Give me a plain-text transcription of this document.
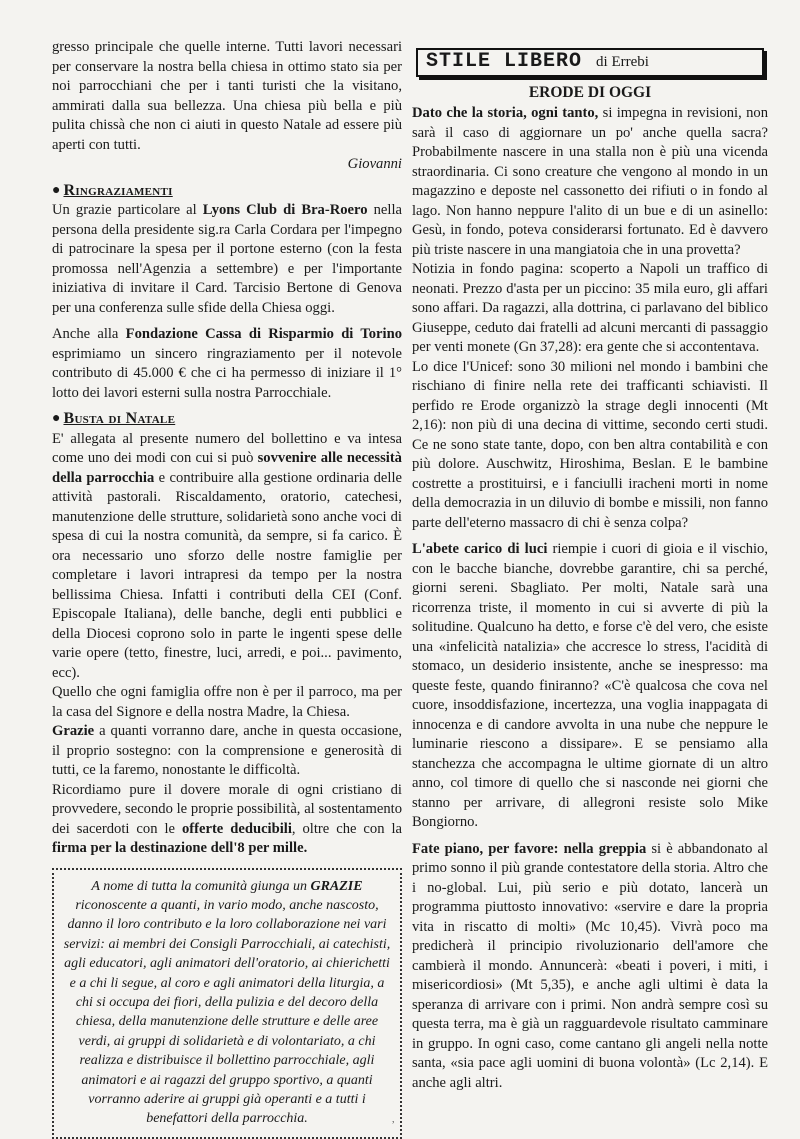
gresso principale che quelle interne. Tutti lavori necessari per conservare la nostra bella chiesa in ottimo stato sia per noi parrocchiani che per i tanti turisti che la visitano, ammirati dalla sua bellezza. Una chiesa più bella e più pulita chissà che non ci aiuti in questo Natale ad essere più aperti con tutti.

Giovanni
● Ringraziamenti

Un grazie particolare al Lyons Club di Bra-Roero nella persona della presidente sig.ra Carla Cordara per l'impegno di patrocinare la spesa per il portone esterno (con la festa promossa nell'Agenzia a settembre) e per l'importante iniziativa di invitare il Card. Tarcisio Bertone di Genova per una conferenza sulle sfide della Chiesa oggi.

Anche alla Fondazione Cassa di Risparmio di Torino esprimiamo un sincero ringraziamento per il notevole contributo di 45.000 € che ci ha permesso di iniziare il 1° lotto dei lavori esterni sulla nostra Parrocchiale.

● Busta di Natale

E' allegata al presente numero del bollettino e va intesa come uno dei modi con cui si può sovvenire alle necessità della parrocchia e contribuire alla gestione ordinaria delle attività pastorali. Riscaldamento, oratorio, catechesi, manutenzione delle strutture, solidarietà sono anche voci di spesa di cui la nostra comunità, da sempre, si fa carico. È ora necessario uno sforzo delle nostre famiglie per completare i lavori intrapresi da tempo per la nostra bellissima Chiesa. Infatti i contributi della CEI (Conf. Episcopale Italiana), delle banche, degli enti pubblici e della Diocesi coprono solo in parte le ingenti spese delle varie opere (tetto, finestre, luci, arredi, e poi... pavimento, ecc).

Quello che ogni famiglia offre non è per il parroco, ma per la casa del Signore e della nostra Madre, la Chiesa.

Grazie a quanti vorranno dare, anche in questa occasione, il proprio sostegno: con la comprensione e generosità di tutti, ce la faremo, nonostante le difficoltà.

Ricordiamo pure il dovere morale di ogni cristiano di provvedere, secondo le proprie possibilità, al sostentamento dei sacerdoti con le offerte deducibili, oltre che con la firma per la destinazione dell'8 per mille.

A nome di tutta la comunità giunga un GRAZIE riconoscente a quanti, in vario modo, anche nascosto, danno il loro contributo e la loro collaborazione nei vari servizi: ai membri dei Consigli Parrocchiali, ai catechisti, agli educatori, agli animatori dell'oratorio, ai chierichetti e a chi li segue, al coro e agli animatori della liturgia, a chi si occupa dei fiori, della pulizia e del decoro della chiesa, della manutenzione delle strutture e delle aree verdi, ai gruppi di solidarietà e di volontariato, a chi realizza e distribuisce il bollettino parrocchiale, agli animatori e ai ragazzi del gruppo sportivo, a quanti vorranno aderire ai gruppi già operanti e a tutti i benefattori della parrocchia.
STILE LIBERO di Errebi
ERODE DI OGGI

Dato che la storia, ogni tanto, si impegna in revisioni, non sarà il caso di aggiornare un po' anche quella sacra? Probabilmente nascere in una stalla non è più una vicenda straordinaria. Ci sono creature che vengono al mondo in un magazzino e deposte nel cassonetto dei rifiuti o in fondo al lago. Non hanno neppure l'alito di un bue e di un asinello: Gesù, in fondo, poteva considerarsi fortunato. Ed è davvero più triste nascere in una mangiatoia che in una provetta?

Notizia in fondo pagina: scoperto a Napoli un traffico di neonati. Prezzo d'asta per un piccino: 35 mila euro, gli affari sono affari. Da ragazzi, alla dottrina, ci parlavano del biblico Giuseppe, ceduto dai fratelli ad alcuni mercanti di passaggio per venti monete (Gn 37,28): era gente che si accontentava.

Lo dice l'Unicef: sono 30 milioni nel mondo i bambini che rischiano di finire nella rete dei trafficanti schiavisti. Il perfido re Erode organizzò la strage degli innocenti (Mt 2,16): non più di una decina di vittime, secondo certi studi. Ce ne sono state tante, dopo, con ben altra contabilità e con più dolore. Auschwitz, Hiroshima, Beslan. E le bambine costrette a prostituirsi, e i fanciulli iracheni morti in nome della democrazia in un diluvio di bombe e missili, non fanno parte dell'eterno massacro di chi è senza colpa?

L'abete carico di luci riempie i cuori di gioia e il vischio, con le bacche bianche, dovrebbe garantire, chi sa perché, giorni sereni. Sbagliato. Per molti, Natale sarà una ricorrenza triste, il momento in cui si avverte di più la solitudine. Qualcuno ha detto, e forse c'è del vero, che esiste una «infelicità natalizia» che accresce lo stress, l'acidità di stomaco, un desiderio insistente, anche se inespresso: ma queste feste, quando finiranno? «C'è qualcosa che cova nel cuore, insoddisfazione, incertezza, una voglia inappagata di innocenza e di candore avvolta in una nube che neppure le luminarie riescono a dissipare». E se pensiamo alla stanchezza che accompagna le ultime giornate di un altro anno, col timore di quello che si nasconde nei giorni che stanno per arrivare, di allegroni resiste solo Mike Bongiorno.

Fate piano, per favore: nella greppia si è abbandonato al primo sonno il più grande contestatore della storia. Altro che i no-global. Lui, più serio e più dotato, lancerà un programma piuttosto innovativo: «servire e dare la propria vita in riscatto di molti» (Mc 10,45). Vivrà poco ma predicherà il principio rivoluzionario dell'amore che cambierà il mondo. Annuncerà: «beati i poveri, i miti, i misericordiosi» (Mt 5,35), e anche agli ultimi è data la speranza di arrivare con i primi. Non andrà sempre così su questa terra, ma è già un ragguardevole risultato camminare in gruppo. In ogni caso, come cantano gli angeli nella notte santa, «sia pace agli uomini di buona volontà» (Lc 2,14). E anche agli altri.

,
